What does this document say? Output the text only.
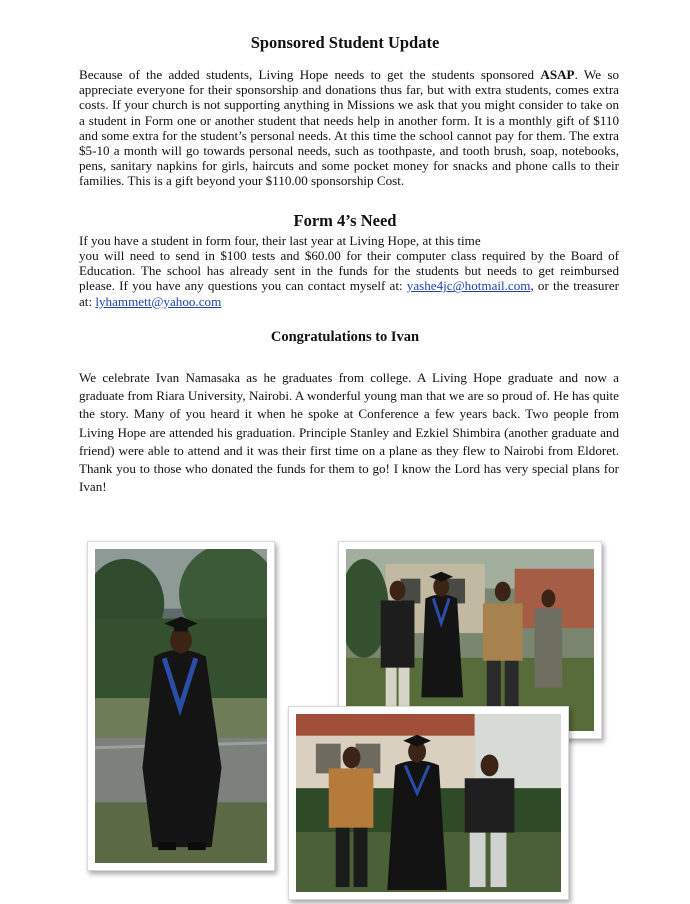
Sponsored Student Update

Because of the added students, Living Hope needs to get the students sponsored ASAP. We so appreciate everyone for their sponsorship and donations thus far, but with extra students, comes extra costs. If your church is not supporting anything in Missions we ask that you might consider to take on a student in Form one or another student that needs help in another form. It is a monthly gift of $110 and some extra for the student’s personal needs. At this time the school cannot pay for them. The extra $5-10 a month will go towards personal needs, such as toothpaste, and tooth brush, soap, notebooks, pens, sanitary napkins for girls, haircuts and some pocket money for snacks and phone calls to their families. This is a gift beyond your $110.00 sponsorship Cost.

Form 4’s Need

If you have a student in form four, their last year at Living Hope, at this time

you will need to send in $100 tests and $60.00 for their computer class required by the Board of Education. The school has already sent in the funds for the students but needs to get reimbursed please. If you have any questions you can contact myself at: yashe4jc@hotmail.com, or the treasurer at: lyhammett@yahoo.com

Congratulations to Ivan

We celebrate Ivan Namasaka as he graduates from college. A Living Hope graduate and now a graduate from Riara University, Nairobi. A wonderful young man that we are so proud of. He has quite the story. Many of you heard it when he spoke at Conference a few years back. Two people from Living Hope are attended his graduation. Principle Stanley and Ezkiel Shimbira (another graduate and friend) were able to attend and it was their first time on a plane as they flew to Nairobi from Eldoret. Thank you to those who donated the funds for them to go! I know the Lord has very special plans for Ivan!
